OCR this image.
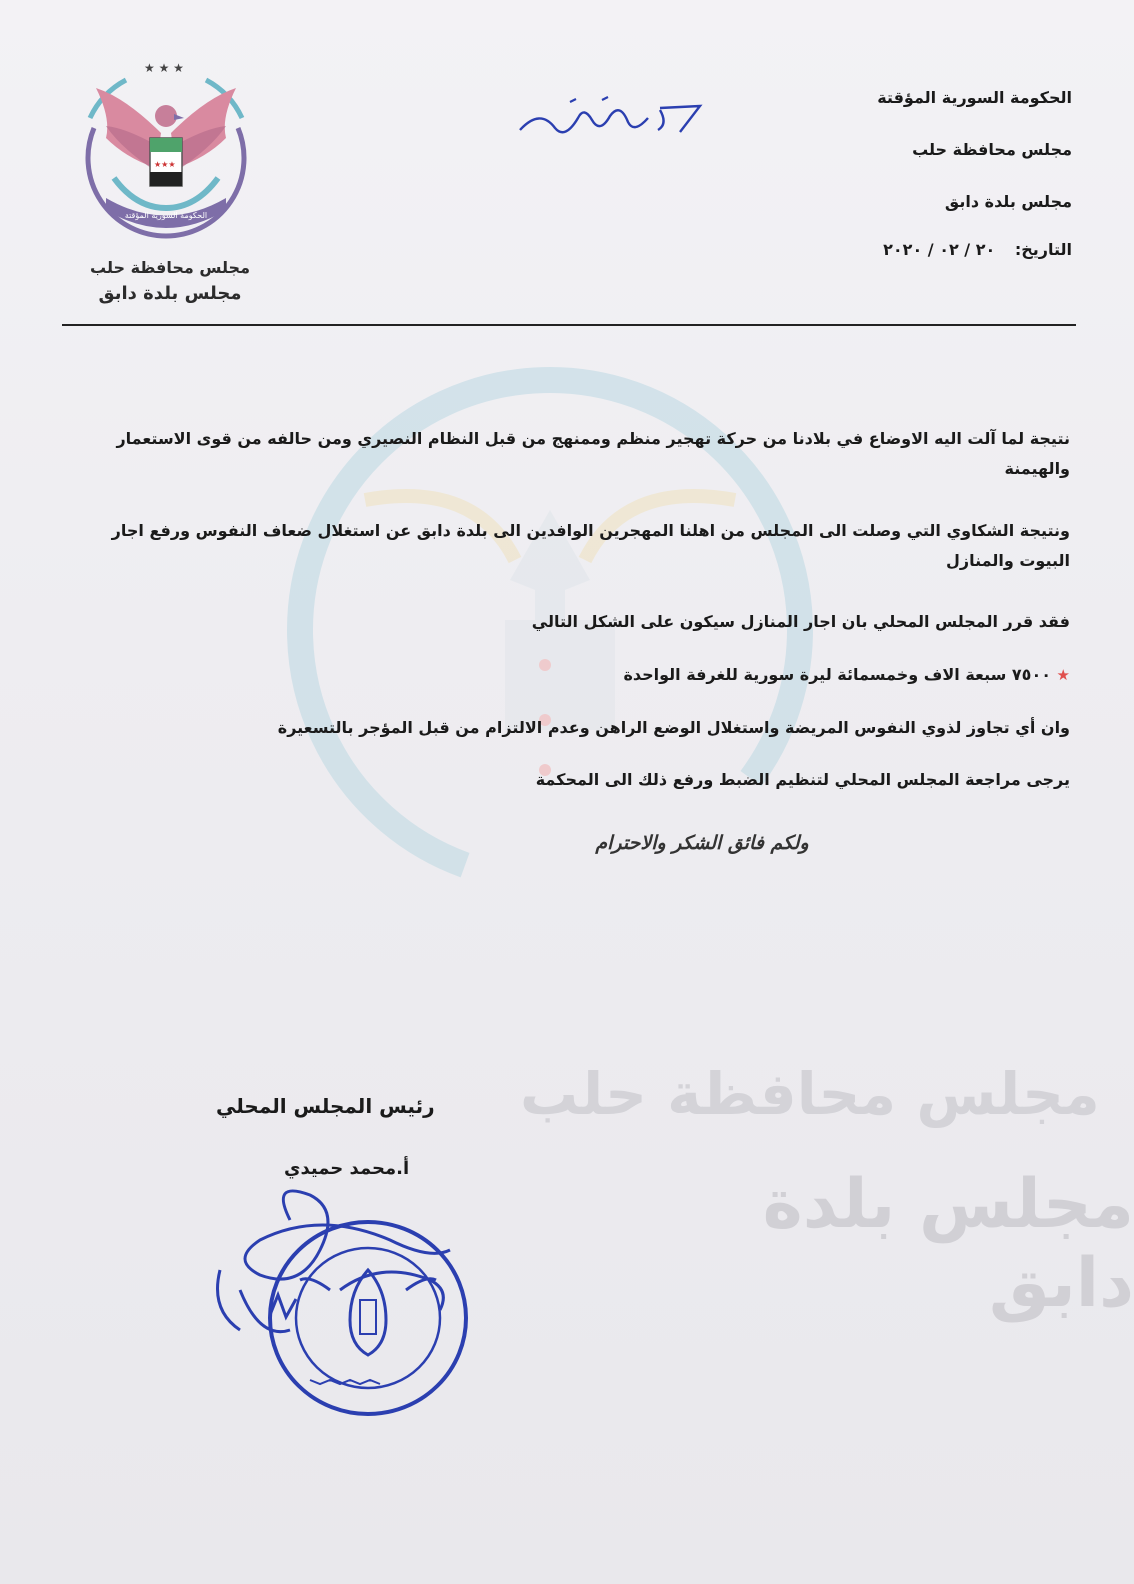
مجلس محافظة حلب
مجلس بلدة دابق
الحكومة السورية المؤقتة
مجلس محافظة حلب
مجلس بلدة دابق
التاريخ: ٢٠ / ٠٢ / ٢٠٢٠
★ ★ ★
★★★
الحكومة السورية المؤقتة
مجلس محافظة حلب
مجلس بلدة دابق
نتيجة لما آلت اليه الاوضاع في بلادنا من حركة تهجير منظم وممنهج من قبل النظام النصيري ومن حالفه من قوى الاستعمار والهيمنة
ونتيجة الشكاوي التي وصلت الى المجلس من اهلنا المهجرين الوافدين الى بلدة دابق عن استغلال ضعاف النفوس ورفع اجار البيوت والمنازل
فقد قرر المجلس المحلي بان اجار المنازل سيكون على الشكل التالي
★ ٧٥٠٠ سبعة الاف وخمسمائة ليرة سورية للغرفة الواحدة
وان أي تجاوز لذوي النفوس المريضة واستغلال الوضع الراهن وعدم الالتزام من قبل المؤجر بالتسعيرة
يرجى مراجعة المجلس المحلي لتنظيم الضبط ورفع ذلك الى المحكمة
ولكم فائق الشكر والاحترام
رئيس المجلس المحلي
أ.محمد حميدي
